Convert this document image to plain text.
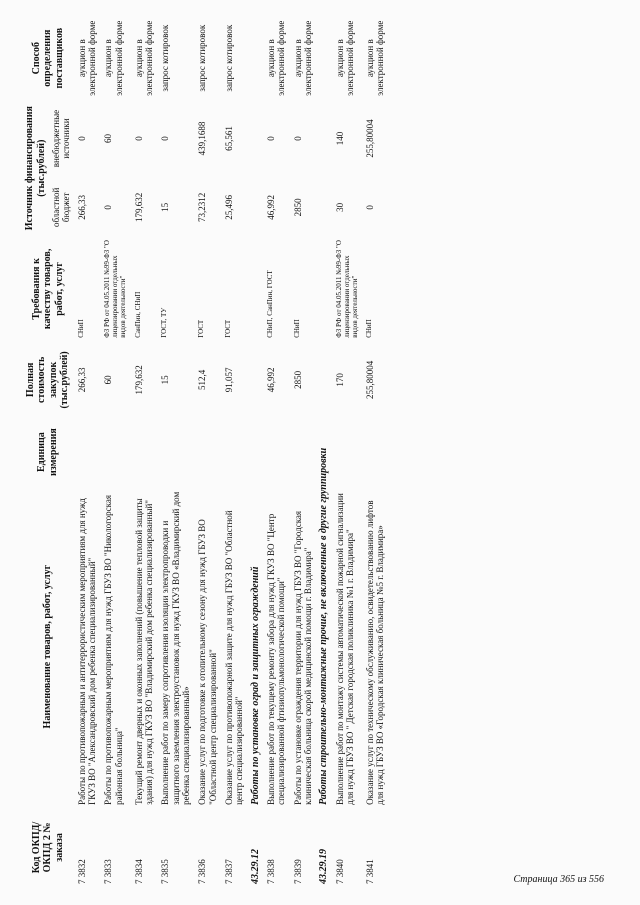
Код ОКПД/ ОКПД 2 № заказа	Наименование товаров, работ, услуг	Единица измерения	Полная стоимость закупок (тыс.рублей)	Требования к качеству товаров, работ, услуг	Источник финансирования (тыс.рублей)		Способ определения поставщиков
					областной бюджет	внебюджетные источники	
7 3832	Работы по противопожарным и антитеррористическим мероприятиям для нужд ГКУЗ ВО "Александровский дом ребенка специализированный"		266,33	СНиП	266,33	0	аукцион в электронной форме
7 3833	Работы по противопожарным мероприятиям для нужд ГБУЗ ВО "Никологорская районная больница"		60	ФЗ РФ от 04.05.2011 №99-ФЗ "О лицензировании отдельных видов деятельности"	0	60	аукцион в электронной форме
7 3834	Текущий ремонт дверных и оконных заполнений (повышение тепловой защиты здания) для нужд ГКУЗ ВО "Владимирский дом ребенка специализированный"		179,632	СанПин, СНиП	179,632	0	аукцион в электронной форме
7 3835	Выполнение работ по замеру сопротивления изоляции электропроводки и защитного заземления электроустановок для нужд ГКУЗ ВО «Владимирский дом ребенка специализированный»		15	ГОСТ, ТУ	15	0	запрос котировок
7 3836	Оказание услуг по подготовке к отопительному сезону для нужд ГБУЗ ВО "Областной центр специализированной"		512,4	ГОСТ	73,2312	439,1688	запрос котировок
7 3837	Оказание услуг по противопожарной защите для нужд ГБУЗ ВО "Областной центр специализированной"		91,057	ГОСТ	25,496	65,561	запрос котировок
43.29.12	Работы по установке оград и защитных ограждений						
7 3838	Выполнение работ по текущему ремонту забора для нужд ГКУЗ ВО "Центр специализированной фтизиопульмонологической помощи"		46,992	СНиП, СанПин, ГОСТ	46,992	0	аукцион в электронной форме
7 3839	Работы по установке ограждения территории для нужд ГБУЗ ВО "Городская клиническая больница скорой медицинской помощи г. Владимира"		2850	СНиП	2850	0	аукцион в электронной форме
43.29.19	Работы строительно-монтажные прочие, не включенные в другие группировки						
7 3840	Выполнение работ по монтажу системы автоматической пожарной сигнализации для нужд ГБУЗ ВО " Детская городская поликлиника №1 г. Владимира"		170	ФЗ РФ от 04.05.2011 №99-ФЗ "О лицензировании отдельных видов деятельности"	30	140	аукцион в электронной форме
7 3841	Оказание услуг по техническому обслуживанию, освидетельствованию лифтов для нужд ГБУЗ ВО «Городская клиническая больница №5 г. Владимира»		255,80004	СНиП	0	255,80004	аукцион в электронной форме
Страница 365 из 556
